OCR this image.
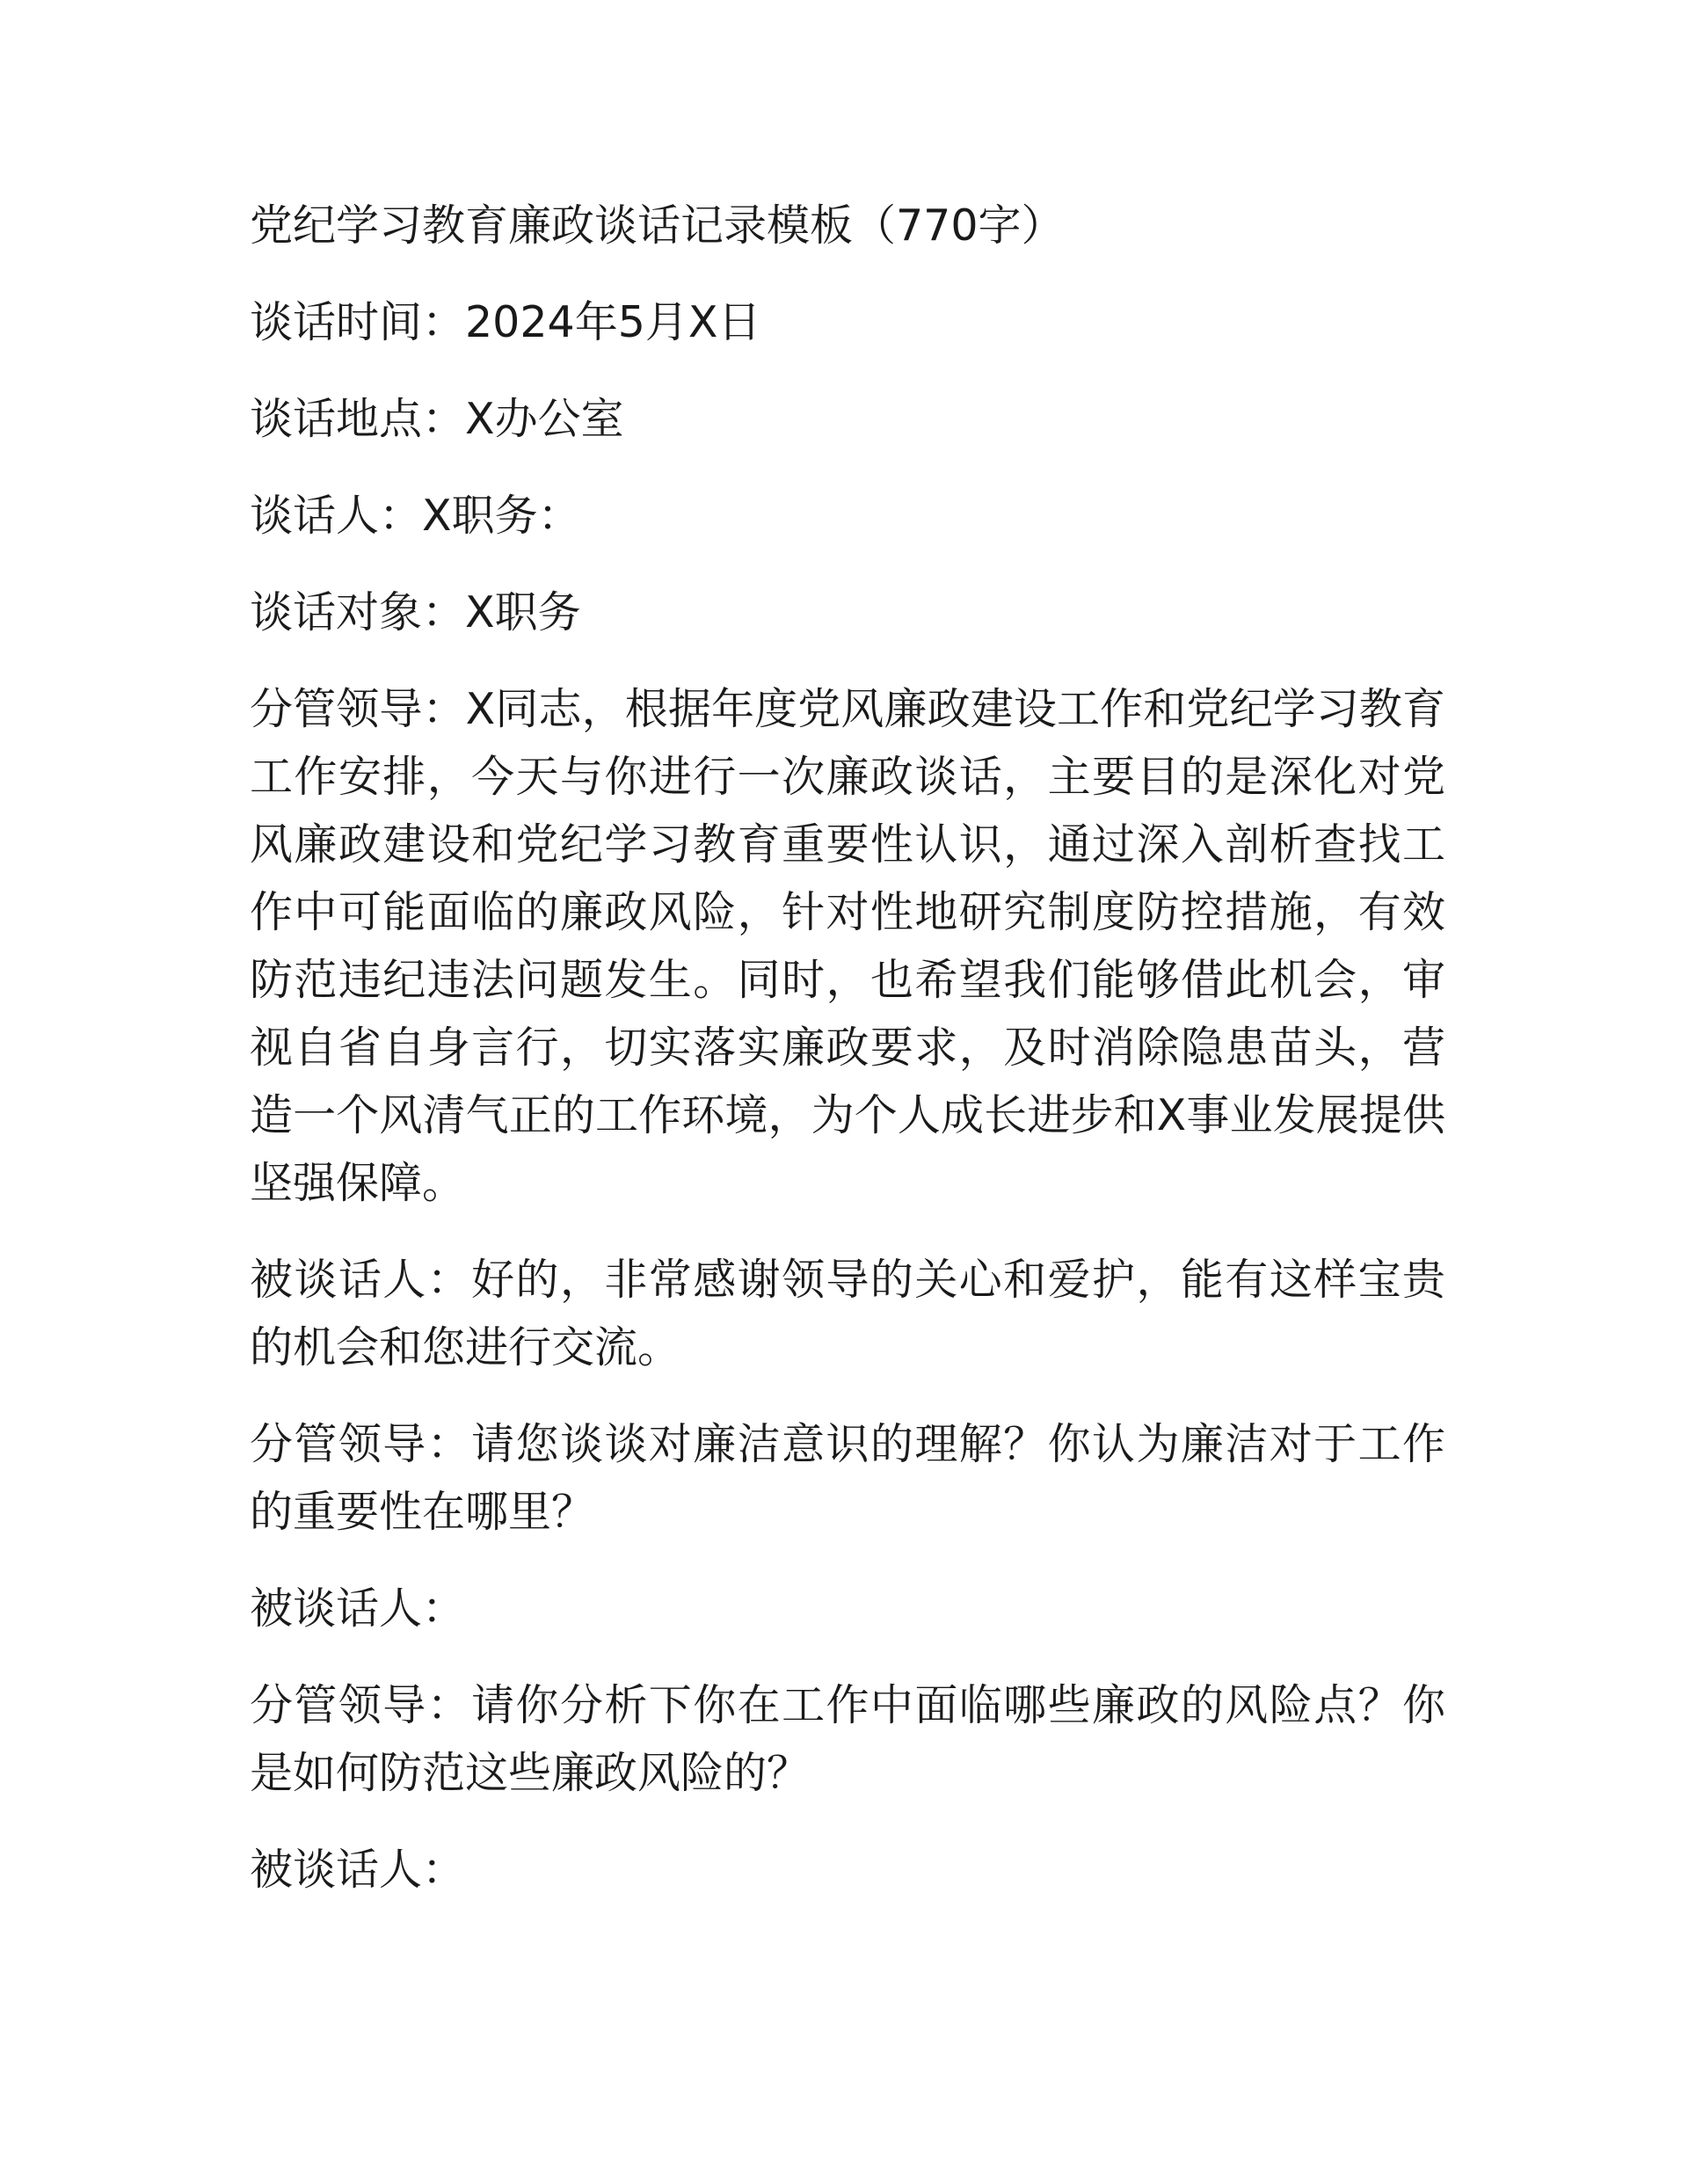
党纪学习教育廉政谈话记录模板（770字）

谈话时间：2024年5月X日

谈话地点：X办公室

谈话人：X职务：

谈话对象：X职务

分管领导：X同志，根据年度党风廉政建设工作和党纪学习教育工作安排，今天与你进行一次廉政谈话，主要目的是深化对党风廉政建设和党纪学习教育重要性认识，通过深入剖析查找工作中可能面临的廉政风险，针对性地研究制度防控措施，有效防范违纪违法问题发生。同时，也希望我们能够借此机会，审视自省自身言行，切实落实廉政要求，及时消除隐患苗头，营造一个风清气正的工作环境，为个人成长进步和X事业发展提供坚强保障。

被谈话人：好的，非常感谢领导的关心和爱护，能有这样宝贵的机会和您进行交流。

分管领导：请您谈谈对廉洁意识的理解？你认为廉洁对于工作的重要性在哪里？

被谈话人：

分管领导：请你分析下你在工作中面临哪些廉政的风险点？你是如何防范这些廉政风险的？

被谈话人：
